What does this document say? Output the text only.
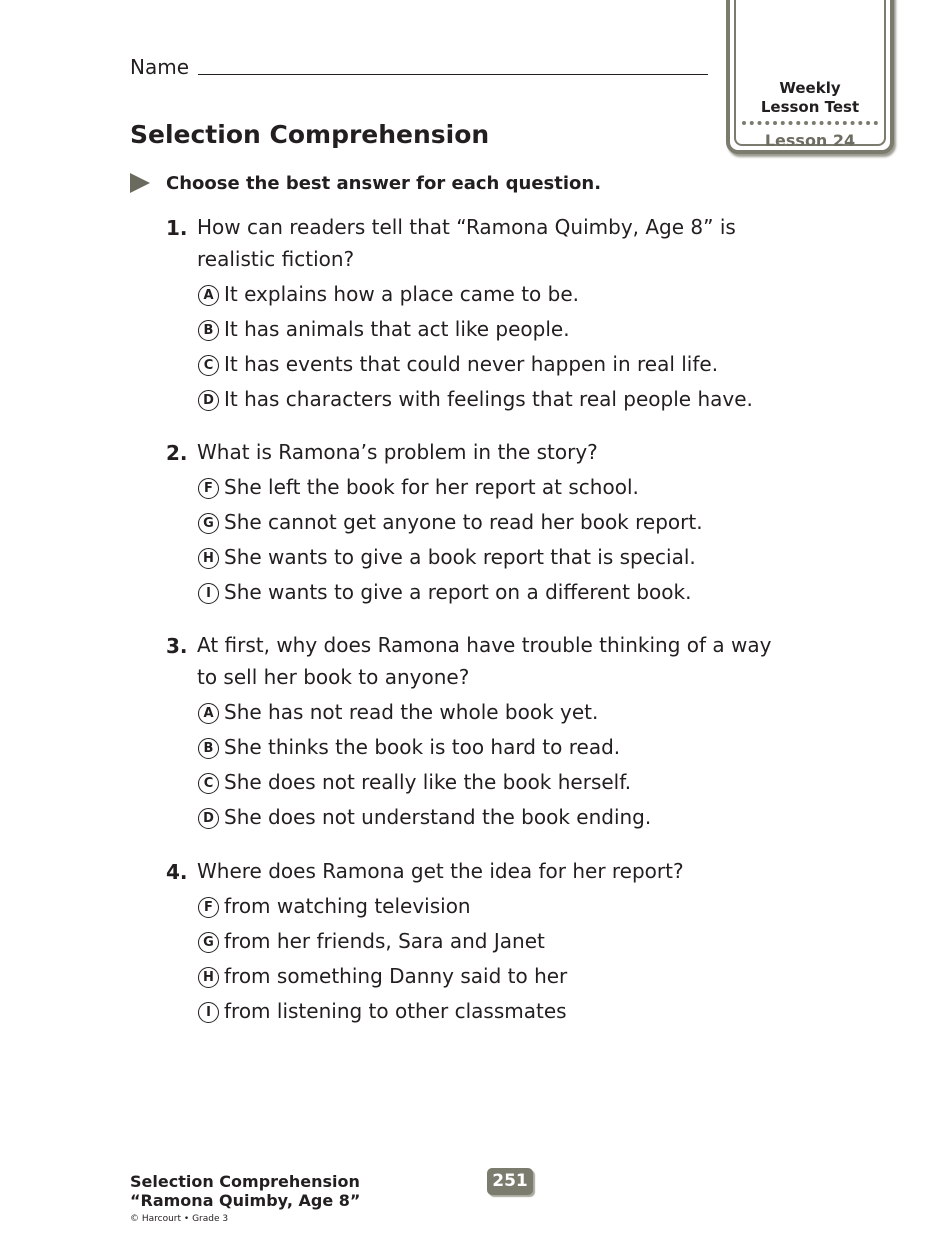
Name
Weekly
Lesson Test
Lesson 24
Selection Comprehension
Choose the best answer for each question.
1. How can readers tell that “Ramona Quimby, Age 8” is realistic fiction?
A It explains how a place came to be.
B It has animals that act like people.
C It has events that could never happen in real life.
D It has characters with feelings that real people have.
2. What is Ramona’s problem in the story?
F She left the book for her report at school.
G She cannot get anyone to read her book report.
H She wants to give a book report that is special.
I She wants to give a report on a different book.
3. At first, why does Ramona have trouble thinking of a way to sell her book to anyone?
A She has not read the whole book yet.
B She thinks the book is too hard to read.
C She does not really like the book herself.
D She does not understand the book ending.
4. Where does Ramona get the idea for her report?
F from watching television
G from her friends, Sara and Janet
H from something Danny said to her
I from listening to other classmates
Selection Comprehension
“Ramona Quimby, Age 8”
© Harcourt • Grade 3
251
